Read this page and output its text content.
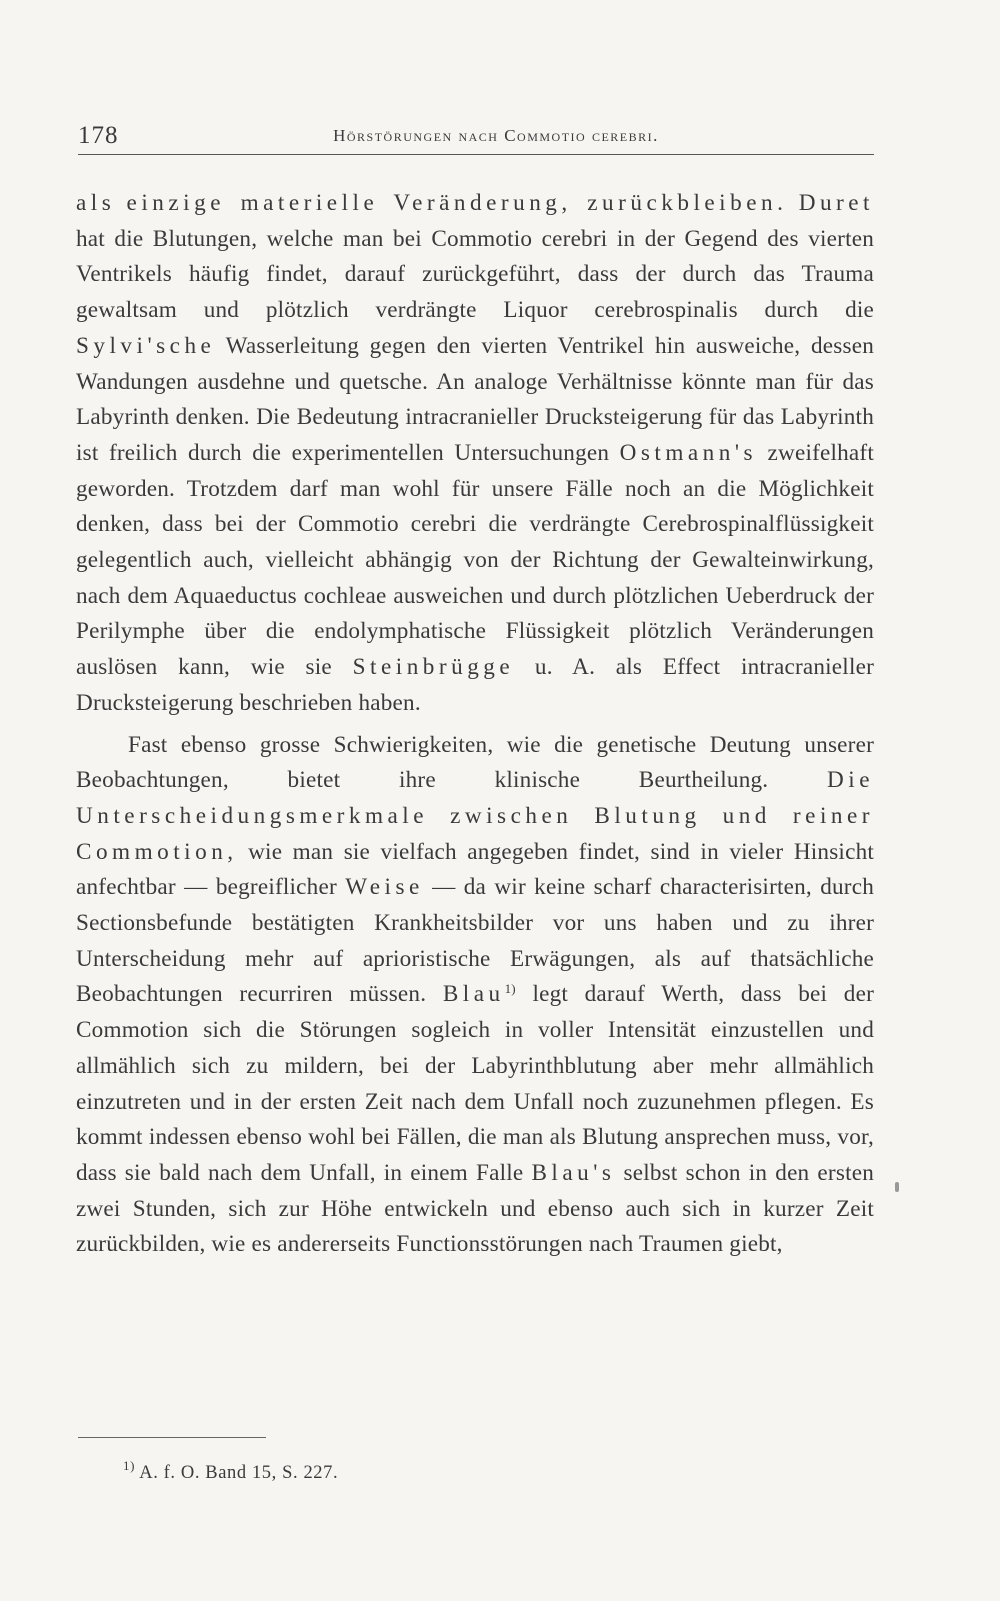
178	Hörstörungen nach Commotio cerebri.

als einzige materielle Veränderung, zurückbleiben. Duret hat die Blutungen, welche man bei Commotio cerebri in der Gegend des vierten Ventrikels häufig findet, darauf zurückgeführt, dass der durch das Trauma gewaltsam und plötzlich verdrängte Liquor cerebrospinalis durch die Sylvi'sche Wasserleitung gegen den vierten Ventrikel hin ausweiche, dessen Wandungen ausdehne und quetsche. An analoge Verhältnisse könnte man für das Labyrinth denken. Die Bedeutung intracranieller Drucksteigerung für das Labyrinth ist freilich durch die experimentellen Untersuchungen Ostmann's zweifelhaft geworden. Trotzdem darf man wohl für unsere Fälle noch an die Möglichkeit denken, dass bei der Commotio cerebri die verdrängte Cerebrospinalflüssigkeit gelegentlich auch, vielleicht abhängig von der Richtung der Gewalteinwirkung, nach dem Aquaeductus cochleae ausweichen und durch plötzlichen Ueberdruck der Perilymphe über die endolymphatische Flüssigkeit plötzlich Veränderungen auslösen kann, wie sie Steinbrügge u. A. als Effect intracranieller Drucksteigerung beschrieben haben.

Fast ebenso grosse Schwierigkeiten, wie die genetische Deutung unserer Beobachtungen, bietet ihre klinische Beurtheilung.	Die Unterscheidungsmerkmale zwischen Blutung und reiner Commotion, wie man sie vielfach angegeben findet, sind in vieler Hinsicht anfechtbar — begreiflicher Weise — da wir keine scharf characterisirten, durch Sectionsbefunde bestätigten Krankheitsbilder vor uns haben und zu ihrer Unterscheidung mehr auf aprioristische Erwägungen, als auf thatsächliche Beobachtungen recurriren müssen. Blau$^{1)}$ legt darauf Werth, dass bei der Commotion sich die Störungen sogleich in voller Intensität einzustellen und allmählich sich zu mildern, bei der Labyrinthblutung aber mehr allmählich einzutreten und in der ersten Zeit nach dem Unfall noch zuzunehmen pflegen. Es kommt indessen ebenso wohl bei Fällen, die man als Blutung ansprechen muss, vor, dass sie bald nach dem Unfall, in einem Falle Blau's selbst schon in den ersten zwei Stunden, sich zur Höhe entwickeln und ebenso auch sich in kurzer Zeit zurückbilden, wie es andererseits Functionsstörungen nach Traumen giebt,

$^{1)}$ A. f. O. Band 15, S. 227.
